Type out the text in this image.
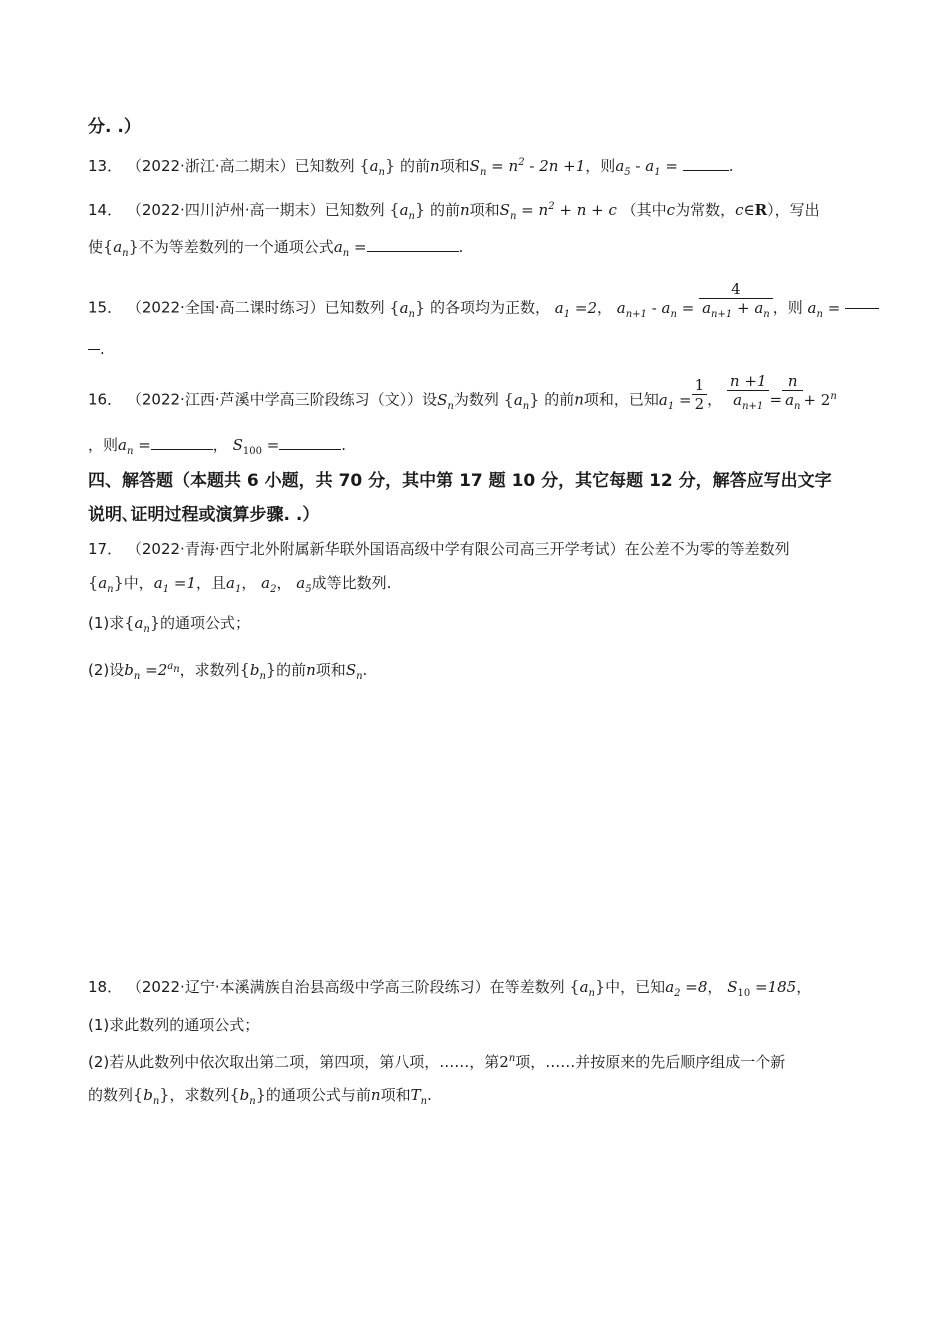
分. .）
13． （2022·浙江·高二期末）已知数列 $\{a_n\}$ 的前n项和$S_n = n^2 - 2n +1$，则$a_5 - a_1$ =	.
14． （2022·四川泸州·高一期末）已知数列 $\{a_n\}$ 的前n项和$S_n = n^2 + n + c$ （其中c为常数，c∈R），写出
使$\{a_n\}$不为等差数列的一个通项公式$a_n$ =	.
15． （2022·全国·高二课时练习）已知数列 $\{a_n\}$ 的各项均为正数， $a_1 =2$， $a_{n+1} - a_n = \frac{4}{a_{n+1} + a_n}$ ，则 $a_n$ =
.
16． （2022·江西·芦溪中学高三阶段练习（文））设$S_n$为数列 $\{a_n\}$ 的前n项和，已知$a_1 = \frac{1}{2}$ ， $\frac{n +1}{a_{n+1}} = \frac{n}{a_n} + 2^n$
，则$a_n$ =	， $S_{100}$ =	.
四、解答题（本题共 6 小题，共 70 分，其中第 17 题 10 分，其它每题 12 分，解答应写出文字
说明､证明过程或演算步骤. .）
17． （2022·青海·西宁北外附属新华联外国语高级中学有限公司高三开学考试）在公差不为零的等差数列
$\{a_n\}$中，$a_1 =1$，且$a_1$， $a_2$， $a_5$成等比数列.
(1)求$\{a_n\}$的通项公式；
(2)设$b_n =2^{a_n}$，求数列$\{b_n\}$的前n项和$S_n$.
18． （2022·辽宁·本溪满族自治县高级中学高三阶段练习）在等差数列 $\{a_n\}$中，已知$a_2 =8$， $S_{10} =185$，
(1)求此数列的通项公式；
(2)若从此数列中依次取出第二项，第四项，第八项，……，第2$^n$项，……并按原来的先后顺序组成一个新
的数列$\{b_n\}$，求数列$\{b_n\}$的通项公式与前n项和$T_n$.
